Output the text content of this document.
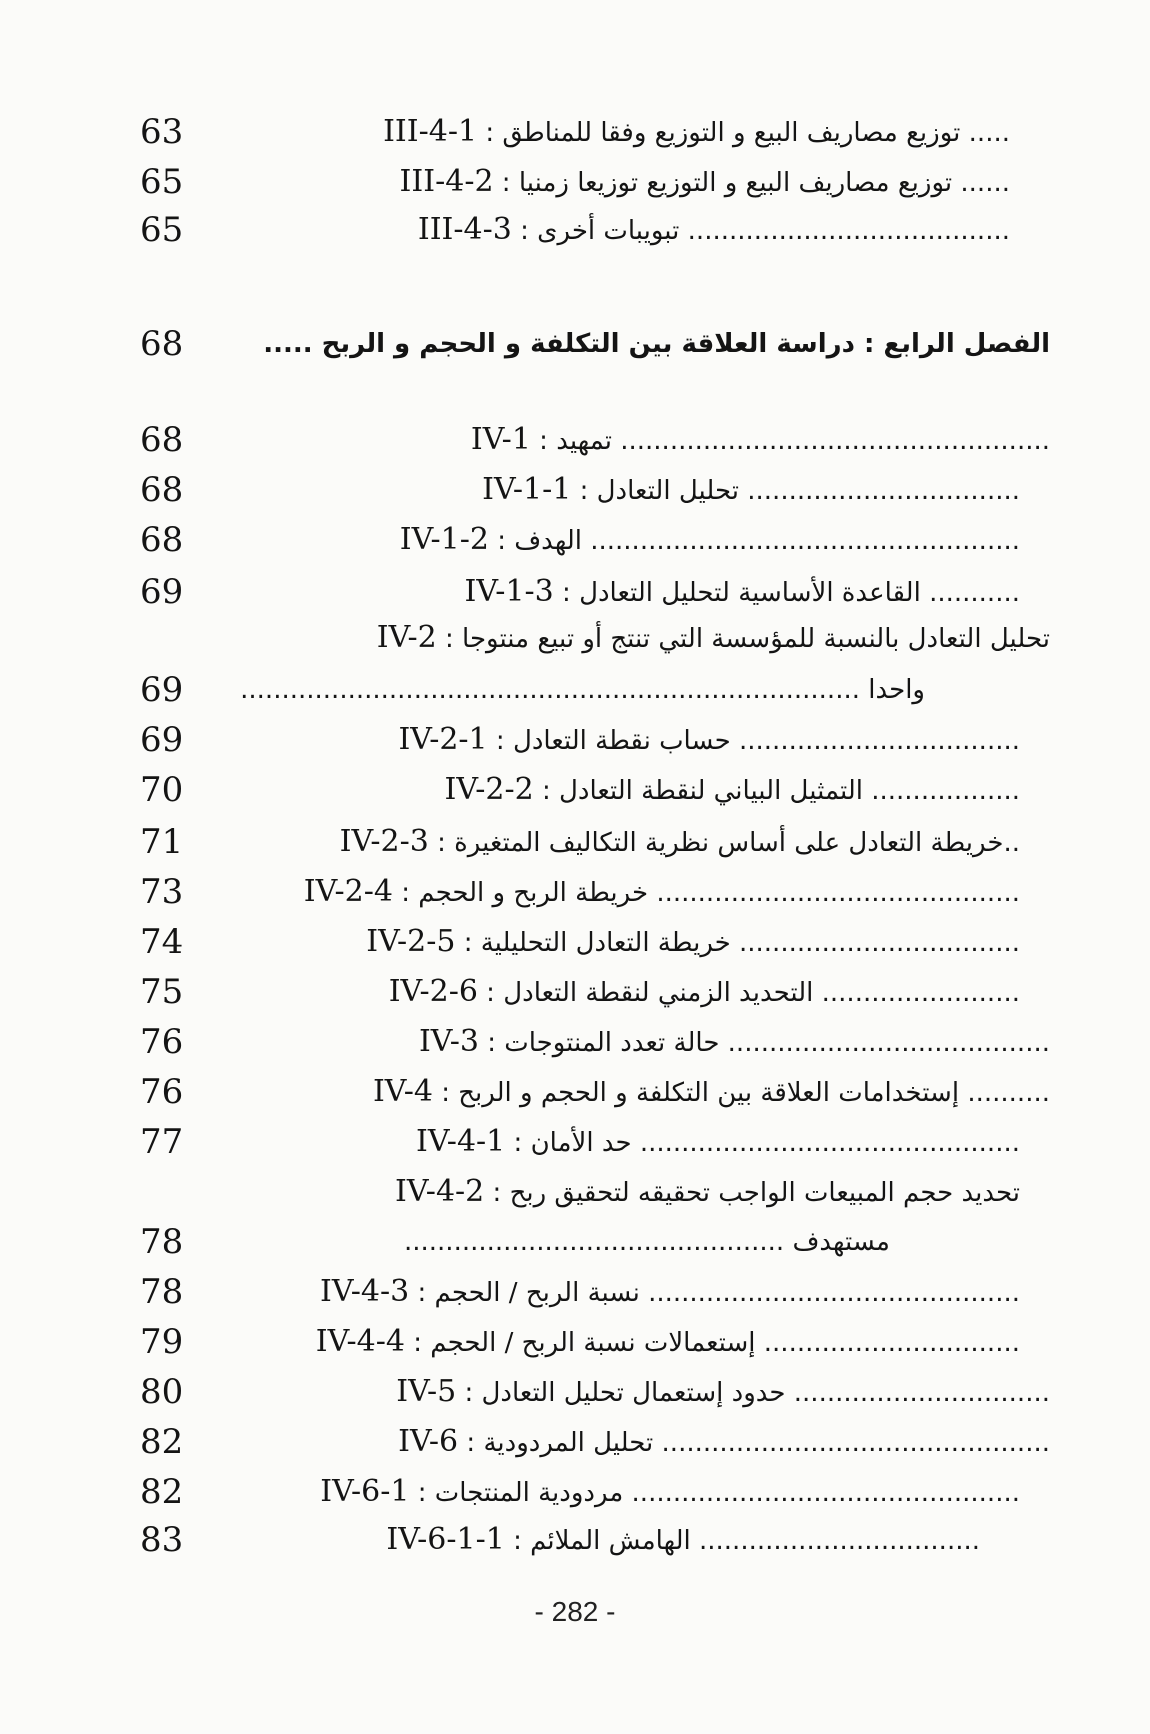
63	III-4-1 : توزيع مصاريف البيع و التوزيع وفقا للمناطق .....
65	III-4-2 : توزيع مصاريف البيع و التوزيع توزيعا زمنيا ......
65	III-4-3 : تبويبات أخرى .......................................
68	الفصل الرابع : دراسة العلاقة بين التكلفة و الحجم و الربح .....
68	IV-1 : تمهيد ....................................................
68	IV-1-1 : تحليل التعادل .................................
68	IV-1-2 : الهدف ....................................................
69	IV-1-3 : القاعدة الأساسية لتحليل التعادل ...........
IV-2 : تحليل التعادل بالنسبة للمؤسسة التي تنتج أو تبيع منتوجا
69	واحدا ...........................................................................
69	IV-2-1 : حساب نقطة التعادل ..................................
70	IV-2-2 : التمثيل البياني لنقطة التعادل ..................
71	IV-2-3 : خريطة التعادل على أساس نظرية التكاليف المتغيرة..
73	IV-2-4 : خريطة الربح و الحجم ............................................
74	IV-2-5 : خريطة التعادل التحليلية ..................................
75	IV-2-6 : التحديد الزمني لنقطة التعادل ........................
76	IV-3 : حالة تعدد المنتوجات .......................................
76	IV-4 : إستخدامات العلاقة بين التكلفة و الحجم و الربح ..........
77	IV-4-1 : حد الأمان ..............................................
IV-4-2 : تحديد حجم المبيعات الواجب تحقيقه لتحقيق ربح
78	مستهدف ..............................................
78	IV-4-3 : نسبة الربح / الحجم .............................................
79	IV-4-4 : إستعمالات نسبة الربح / الحجم ...............................
80	IV-5 : حدود إستعمال تحليل التعادل ...............................
82	IV-6 : تحليل المردودية ...............................................
82	IV-6-1 : مردودية المنتجات ...............................................
83	IV-6-1-1 : الهامش الملائم ..................................
- 282 -
